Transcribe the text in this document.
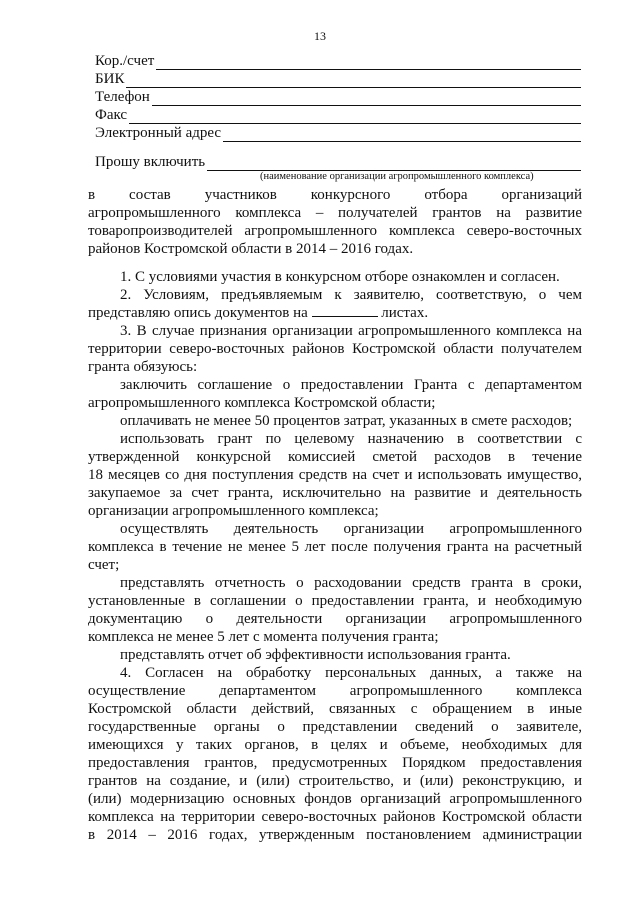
13
Кор./счет
БИК
Телефон
Факс
Электронный адрес
Прошу включить
(наименование организации агропромышленного комплекса)

в состав участников конкурсного отбора организаций
агропромышленного комплекса – получателей грантов на развитие
товаропроизводителей агропромышленного комплекса северо-восточных
районов Костромской области в 2014 – 2016 годах.

1. С условиями участия в конкурсном отборе ознакомлен и согласен.

2. Условиям, предъявляемым к заявителю, соответствую, о чем
представляю опись документов на	листах.

3. В случае признания организации агропромышленного комплекса на
территории северо-восточных районов Костромской области получателем
гранта обязуюсь:

заключить соглашение о предоставлении Гранта с департаментом
агропромышленного комплекса Костромской области;

оплачивать не менее 50 процентов затрат, указанных в смете расходов;

использовать грант по целевому назначению в соответствии с
утвержденной конкурсной комиссией сметой расходов в течение
18 месяцев со дня поступления средств на счет и использовать имущество,
закупаемое за счет гранта, исключительно на развитие и деятельность
организации агропромышленного комплекса;

осуществлять деятельность организации агропромышленного
комплекса в течение не менее 5 лет после получения гранта на расчетный
счет;

представлять отчетность о расходовании средств гранта в сроки,
установленные в соглашении о предоставлении гранта, и необходимую
документацию о деятельности организации агропромышленного
комплекса не менее 5 лет с момента получения гранта;

представлять отчет об эффективности использования гранта.

4. Согласен на обработку персональных данных, а также на
осуществление департаментом агропромышленного комплекса
Костромской области действий, связанных с обращением в иные
государственные органы о представлении сведений о заявителе,
имеющихся у таких органов, в целях и объеме, необходимых для
предоставления грантов, предусмотренных Порядком предоставления
грантов на создание, и (или) строительство, и (или) реконструкцию, и
(или) модернизацию основных фондов организаций агропромышленного
комплекса на территории северо-восточных районов Костромской области
в 2014 – 2016 годах, утвержденным постановлением администрации
